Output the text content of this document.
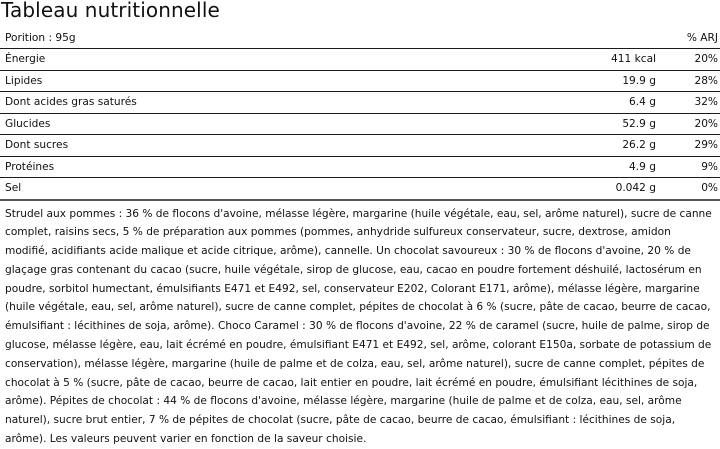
Tableau nutritionnelle
Porition : 95g		% ARJ
Énergie	411 kcal	20%
Lipides	19.9 g	28%
Dont acides gras saturés	6.4 g	32%
Glucides	52.9 g	20%
Dont sucres	26.2 g	29%
Protéines	4.9 g	9%
Sel	0.042 g	0%

Strudel aux pommes : 36 % de flocons d'avoine, mélasse légère, margarine (huile végétale, eau, sel, arôme naturel), sucre de canne complet, raisins secs, 5 % de préparation aux pommes (pommes, anhydride sulfureux conservateur, sucre, dextrose, amidon modifié, acidifiants acide malique et acide citrique, arôme), cannelle. Un chocolat savoureux : 30 % de flocons d'avoine, 20 % de glaçage gras contenant du cacao (sucre, huile végétale, sirop de glucose, eau, cacao en poudre fortement déshuilé, lactosérum en poudre, sorbitol humectant, émulsifiants E471 et E492, sel, conservateur E202, Colorant E171, arôme), mélasse légère, margarine (huile végétale, eau, sel, arôme naturel), sucre de canne complet, pépites de chocolat à 6 % (sucre, pâte de cacao, beurre de cacao, émulsifiant : lécithines de soja, arôme). Choco Caramel : 30 % de flocons d'avoine, 22 % de caramel (sucre, huile de palme, sirop de glucose, mélasse légère, eau, lait écrémé en poudre, émulsifiant E471 et E492, sel, arôme, colorant E150a, sorbate de potassium de conservation), mélasse légère, margarine (huile de palme et de colza, eau, sel, arôme naturel), sucre de canne complet, pépites de chocolat à 5 % (sucre, pâte de cacao, beurre de cacao, lait entier en poudre, lait écrémé en poudre, émulsifiant lécithines de soja, arôme). Pépites de chocolat : 44 % de flocons d'avoine, mélasse légère, margarine (huile de palme et de colza, eau, sel, arôme naturel), sucre brut entier, 7 % de pépites de chocolat (sucre, pâte de cacao, beurre de cacao, émulsifiant : lécithines de soja, arôme). Les valeurs peuvent varier en fonction de la saveur choisie.
